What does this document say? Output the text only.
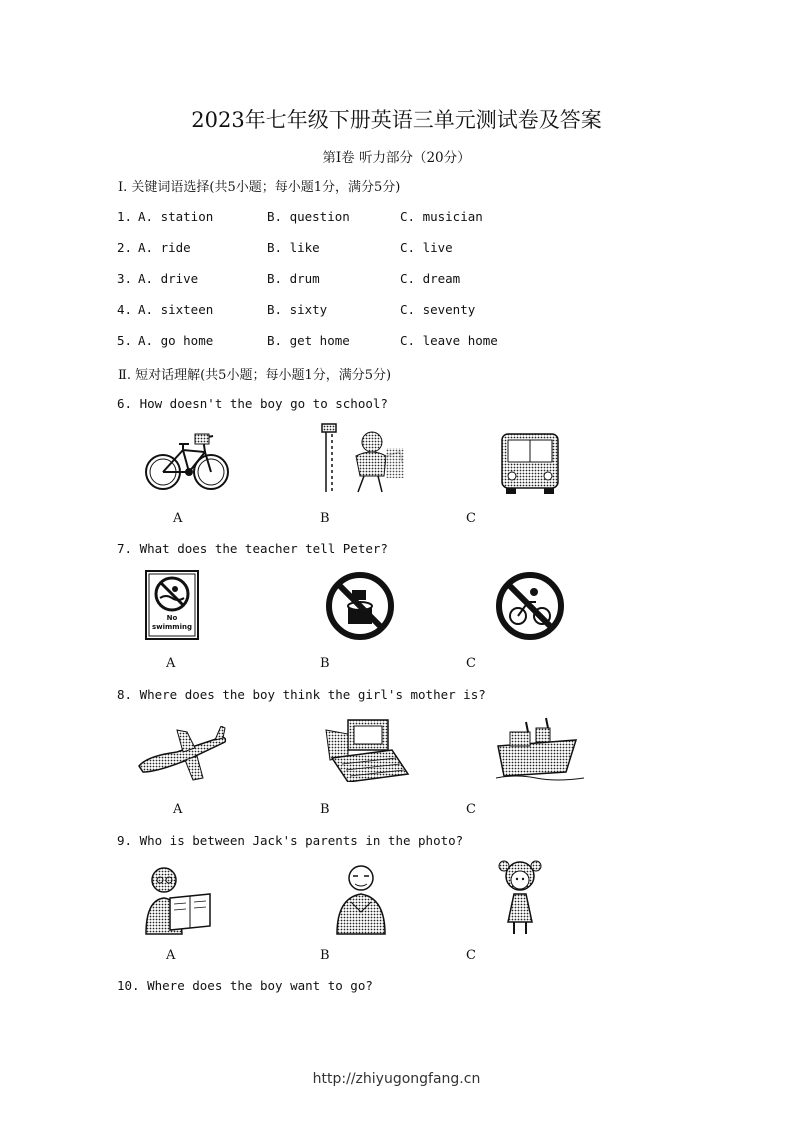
2023年七年级下册英语三单元测试卷及答案
第Ⅰ卷 听力部分（20分）
Ⅰ. 关键词语选择(共5小题；每小题1分，满分5分)
1. A. station	B. question	C. musician
2. A. ride	B. like	C. live
3. A. drive	B. drum	C. dream
4. A. sixteen	B. sixty	C. seventy
5. A. go home	B. get home	C. leave home
Ⅱ. 短对话理解(共5小题；每小题1分，满分5分)
6. How doesn't the boy go to school?
A	B	C
7. What does the teacher tell Peter?
No
swimming
A	B	C
8. Where does the boy think the girl's mother is?
A	B	C
9. Who is between Jack's parents in the photo?
A	B	C
10. Where does the boy want to go?
http://zhiyugongfang.cn
